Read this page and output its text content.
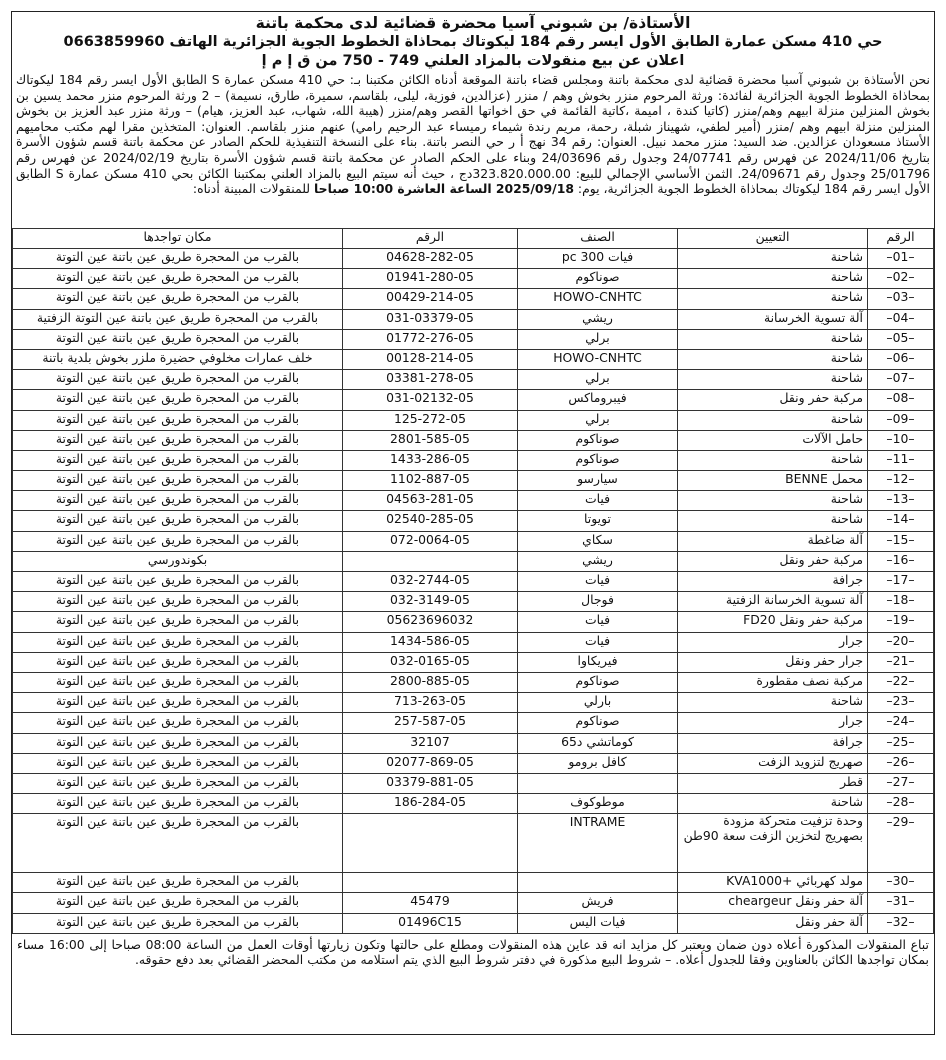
الأستاذة/ بن شبوني آسيا محضرة قضائية لدى محكمة باتنة
حي 410 مسكن عمارة الطابق الأول ايسر رقم 184 ليكوتاك بمحاذاة الخطوط الجوية الجزائرية الهاتف 0663859960
اعلان عن بيع منقولات بالمزاد العلني 749 - 750 من ق إ م إ
نحن الأستاذة بن شبوني آسيا محضرة قضائية لدى محكمة باتنة ومجلس قضاء باتنة الموقعة أدناه الكائن مكتبنا بـ: حي 410 مسكن عمارة S الطابق الأول ايسر رقم 184 ليكوتاك بمحاذاة الخطوط الجوية الجزائرية لفائدة: ورثة المرحوم منزر بخوش وهم / منزر (عزالدين، فوزية، ليلى، بلقاسم، سميرة، طارق، نسيمة) – 2 ورثة المرحوم منزر محمد يسين بن بخوش المنزلين منزلة ابيهم وهم/منزر (كاتيا كندة ، اميمة ،كاتية القائمة في حق اخواتها القصر وهم/منزر (هيبة الله، شهاب، عبد العزيز، هيام) – ورثة منزر عبد العزيز بن بخوش المنزلين منزلة ابيهم وهم /منزر (أمير لطفي، شهيناز شبلة، رحمة، مريم رندة شيماء رميساء عبد الرحيم رامي) عنهم منزر بلقاسم. العنوان: المتخذين مقرا لهم مكتب محاميهم الأستاذ مسعودان عزالدين. ضد السيد: منزر محمد نبيل. العنوان: رقم 34 نهج أ ر حي النصر باتنة. بناء على النسخة التنفيذية للحكم الصادر عن محكمة باتنة قسم شؤون الأسرة بتاريخ 2024/11/06 عن فهرس رقم 24/07741 وجدول رقم 24/03696 وبناء على الحكم الصادر عن محكمة باتنة قسم شؤون الأسرة بتاريخ 2024/02/19 عن فهرس رقم 25/01796 وجدول رقم 24/09671. الثمن الأساسي الإجمالي للبيع: 323.820.000.00دج ، حيث أنه سيتم البيع بالمزاد العلني بمكتبنا الكائن بحي 410 مسكن عمارة S الطابق الأول ايسر رقم 184 ليكوتاك بمحاذاة الخطوط الجوية الجزائرية، يوم: 2025/09/18 الساعة العاشرة 10:00 صباحا للمنقولات المبينة أدناه:
الرقم	التعيين	الصنف	الرقم	مكان تواجدها
–01–	شاحنة	فيات pc 300	04628-282-05	بالقرب من المحجرة طريق عين باتنة عين التوتة
–02–	شاحنة	صوناكوم	01941-280-05	بالقرب من المحجرة طريق عين باتنة عين التوتة
–03–	شاحنة	HOWO-CNHTC	00429-214-05	بالقرب من المحجرة طريق عين باتنة عين التوتة
–04–	آلة تسوية الخرسانة	ريشي	031-03379-05	بالقرب من المحجرة طريق عين باتنة عين التوتة الزفتية
–05–	شاحنة	برلي	01772-276-05	بالقرب من المحجرة طريق عين باتنة عين التوتة
–06–	شاحنة	HOWO-CNHTC	00128-214-05	خلف عمارات مخلوفي حضيرة ملزر بخوش بلدية باتنة
–07–	شاحنة	برلي	03381-278-05	بالقرب من المحجرة طريق عين باتنة عين التوتة
–08–	مركبة حفر ونقل	فيبروماكس	031-02132-05	بالقرب من المحجرة طريق عين باتنة عين التوتة
–09–	شاحنة	برلي	125-272-05	بالقرب من المحجرة طريق عين باتنة عين التوتة
–10–	حامل الآلات	صوناكوم	2801-585-05	بالقرب من المحجرة طريق عين باتنة عين التوتة
–11–	شاحنة	صوناكوم	1433-286-05	بالقرب من المحجرة طريق عين باتنة عين التوتة
–12–	محمل BENNE	سيارسو	1102-887-05	بالقرب من المحجرة طريق عين باتنة عين التوتة
–13–	شاحنة	فيات	04563-281-05	بالقرب من المحجرة طريق عين باتنة عين التوتة
–14–	شاحنة	تويوتا	02540-285-05	بالقرب من المحجرة طريق عين باتنة عين التوتة
–15–	آلة ضاغطة	سكاي	072-0064-05	بالقرب من المحجرة طريق عين باتنة عين التوتة
–16–	مركبة حفر ونقل	ريشي		بكوندورسي
–17–	جرافة	فيات	032-2744-05	بالقرب من المحجرة طريق عين باتنة عين التوتة
–18–	آلة تسوية الخرسانة الزفتية	فوجال	032-3149-05	بالقرب من المحجرة طريق عين باتنة عين التوتة
–19–	مركبة حفر ونقل FD20	فيات	05623696032	بالقرب من المحجرة طريق عين باتنة عين التوتة
–20–	جرار	فيات	1434-586-05	بالقرب من المحجرة طريق عين باتنة عين التوتة
–21–	جرار حفر ونقل	فيريكاوا	032-0165-05	بالقرب من المحجرة طريق عين باتنة عين التوتة
–22–	مركبة نصف مقطورة	صوناكوم	2800-885-05	بالقرب من المحجرة طريق عين باتنة عين التوتة
–23–	شاحنة	بارلي	713-263-05	بالقرب من المحجرة طريق عين باتنة عين التوتة
–24–	جرار	صوناكوم	257-587-05	بالقرب من المحجرة طريق عين باتنة عين التوتة
–25–	جرافة	كوماتشي د65	32107	بالقرب من المحجرة طريق عين باتنة عين التوتة
–26–	صهريج لتزويد الزفت	كافل برومو	02077-869-05	بالقرب من المحجرة طريق عين باتنة عين التوتة
–27–	قطر		03379-881-05	بالقرب من المحجرة طريق عين باتنة عين التوتة
–28–	شاحنة	موطوكوف	186-284-05	بالقرب من المحجرة طريق عين باتنة عين التوتة
–29–	وحدة تزفيت متحركة مزودة بصهريج لتخزين الزفت سعة 90طن	INTRAME		بالقرب من المحجرة طريق عين باتنة عين التوتة
–30–	مولد كهربائي +KVA1000			بالقرب من المحجرة طريق عين باتنة عين التوتة
–31–	آلة حفر ونقل cheargeur	فريش	45479	بالقرب من المحجرة طريق عين باتنة عين التوتة
–32–	آلة حفر ونقل	فيات اليس	01496C15	بالقرب من المحجرة طريق عين باتنة عين التوتة
تباع المنقولات المذكورة أعلاه دون ضمان ويعتبر كل مزايد انه قد عاين هذه المنقولات ومطلع على حالتها وتكون زيارتها أوقات العمل من الساعة 08:00 صباحا إلى 16:00 مساء بمكان تواجدها الكائن بالعناوين وفقا للجدول أعلاه. – شروط البيع مذكورة في دفتر شروط البيع الذي يتم استلامه من مكتب المحضر القضائي بعد دفع حقوقه.
